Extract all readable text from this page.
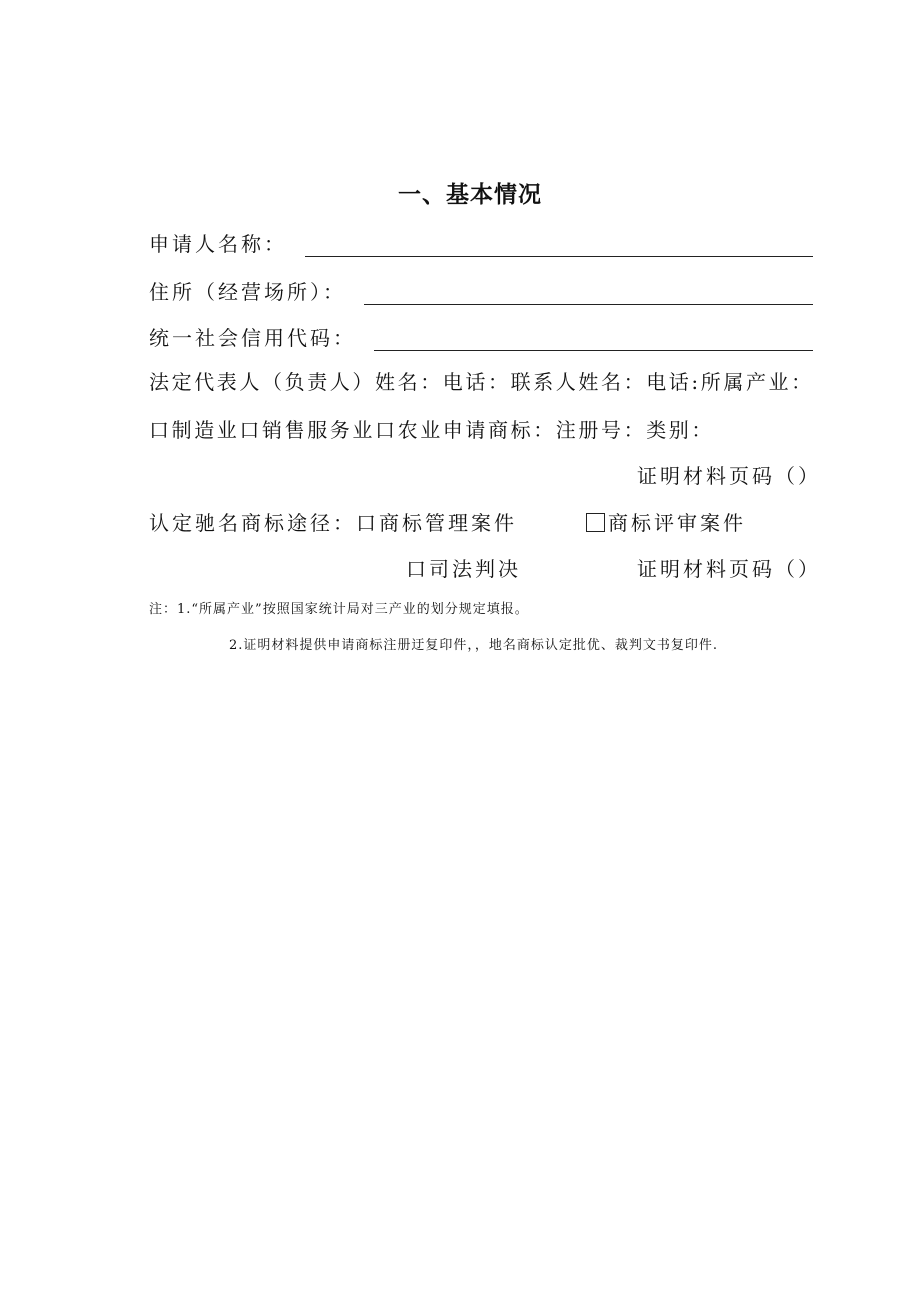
一、基本情况
申请人名称：
住所（经营场所）：
统一社会信用代码：
法定代表人（负责人）姓名：电话：联系人姓名：电话:所属产业：
口制造业口销售服务业口农业申请商标：注册号：类别：
证明材料页码（）
认定驰名商标途径：口商标管理案件	商标评审案件
口司法判决	证明材料页码（）
注：1.“所属产业”按照国家统计局对三产业的划分规定填报。
2.证明材料提供申请商标注册迂复印件，，地名商标认定批优、裁判文书复印件.
